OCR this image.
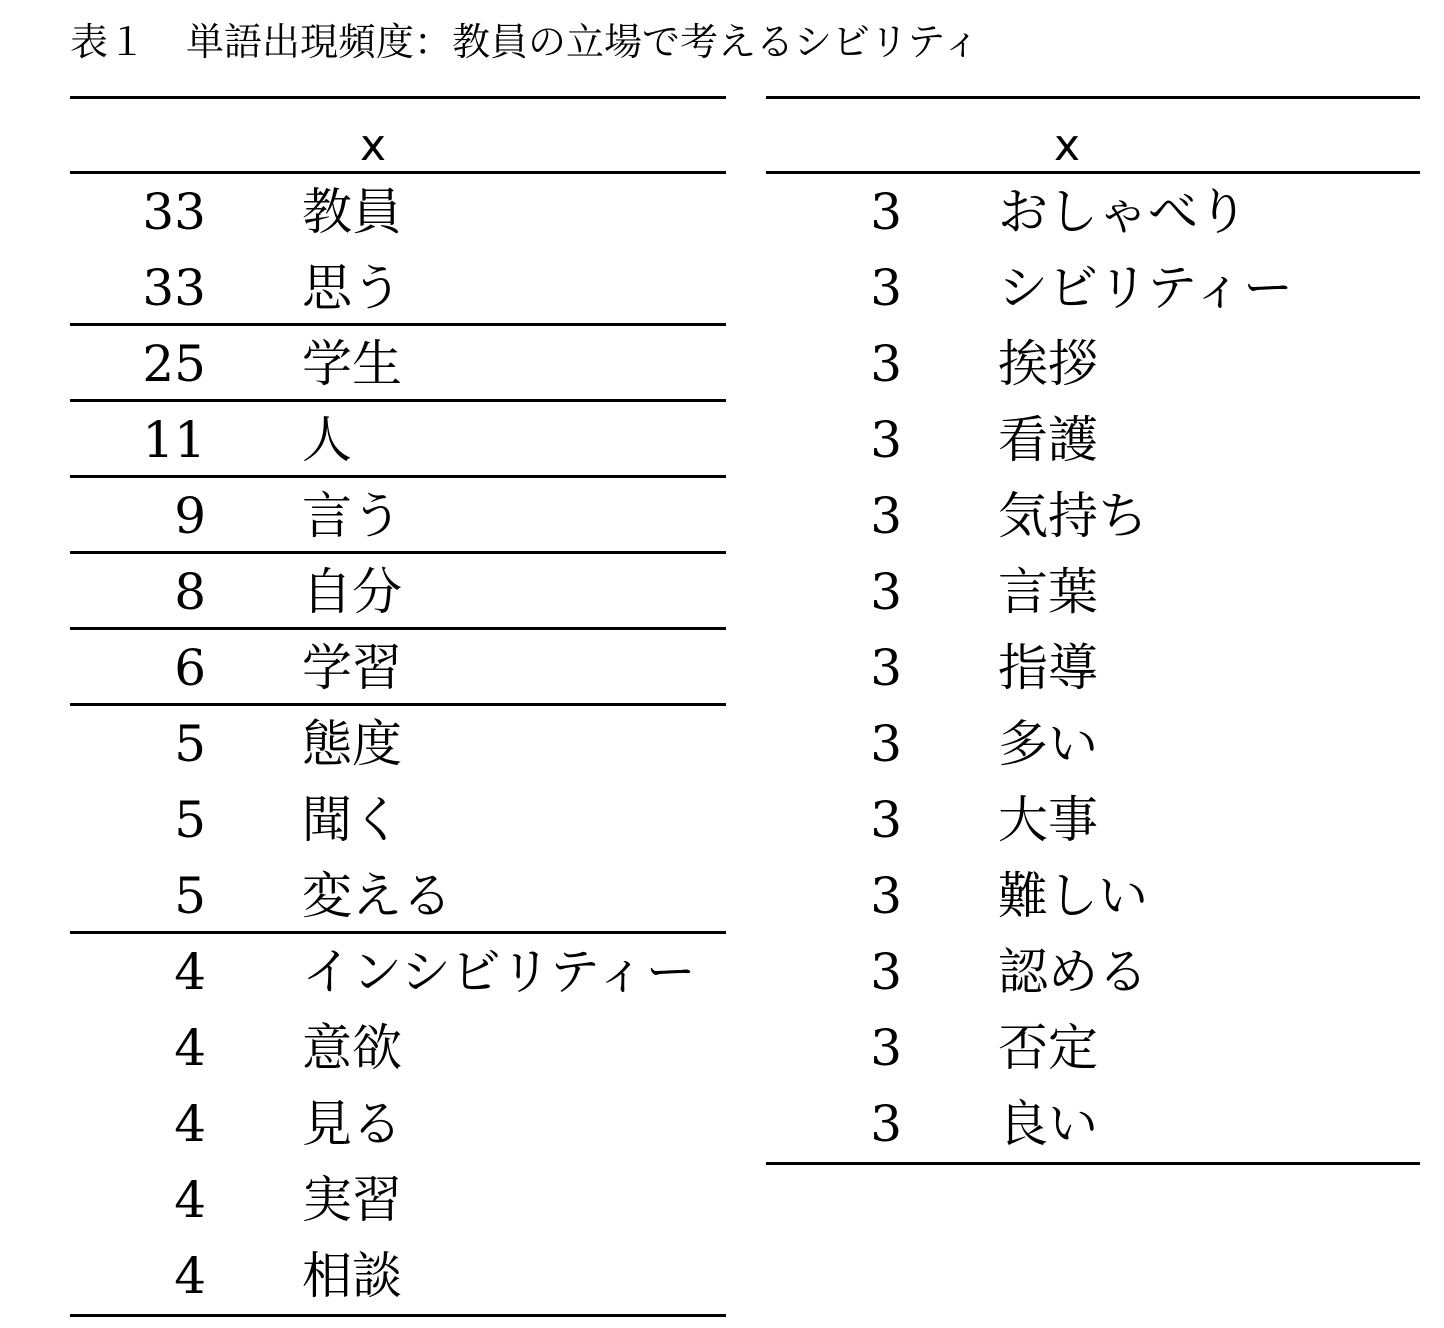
表１ 単語出現頻度：教員の立場で考えるシビリティ
x
33 教員
33 思う
25 学生
11 人
9 言う
8 自分
6 学習
5 態度
5 聞く
5 変える
4 インシビリティー
4 意欲
4 見る
4 実習
4 相談
x
3 おしゃべり
3 シビリティー
3 挨拶
3 看護
3 気持ち
3 言葉
3 指導
3 多い
3 大事
3 難しい
3 認める
3 否定
3 良い
